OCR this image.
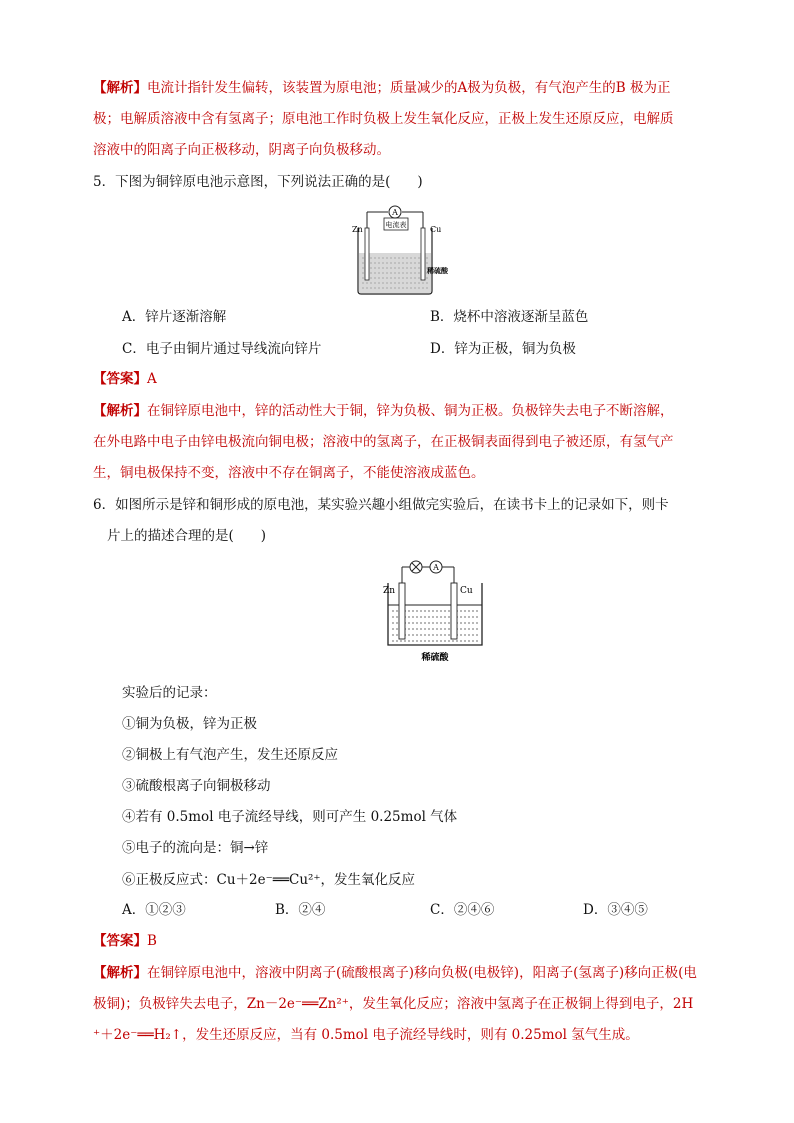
【解析】电流计指针发生偏转，该装置为原电池；质量减少的A极为负极，有气泡产生的B 极为正
极；电解质溶液中含有氢离子；原电池工作时负极上发生氧化反应，正极上发生还原反应，电解质
溶液中的阳离子向正极移动，阴离子向负极移动。
5．下图为铜锌原电池示意图，下列说法正确的是(　　)
电流表
A
Zn	Cu
稀硫酸
A．锌片逐渐溶解	B．烧杯中溶液逐渐呈蓝色
C．电子由铜片通过导线流向锌片	D．锌为正极，铜为负极
【答案】A
【解析】在铜锌原电池中，锌的活动性大于铜，锌为负极、铜为正极。负极锌失去电子不断溶解，
在外电路中电子由锌电极流向铜电极；溶液中的氢离子，在正极铜表面得到电子被还原，有氢气产
生，铜电极保持不变，溶液中不存在铜离子，不能使溶液成蓝色。
6．如图所示是锌和铜形成的原电池，某实验兴趣小组做完实验后，在读书卡上的记录如下，则卡
片上的描述合理的是(　　)
A
Zn	Cu
稀硫酸
实验后的记录：
①铜为负极，锌为正极
②铜极上有气泡产生，发生还原反应
③硫酸根离子向铜极移动
④若有 0.5mol 电子流经导线，则可产生 0.25mol 气体
⑤电子的流向是：铜→锌
⑥正极反应式：Cu＋2e⁻══Cu²⁺，发生氧化反应
A．①②③	B．②④	C．②④⑥	D．③④⑤
【答案】B
【解析】在铜锌原电池中，溶液中阴离子(硫酸根离子)移向负极(电极锌)，阳离子(氢离子)移向正极(电
极铜)；负极锌失去电子，Zn－2e⁻══Zn²⁺，发生氧化反应；溶液中氢离子在正极铜上得到电子，2H
⁺＋2e⁻══H₂↑，发生还原反应，当有 0.5mol 电子流经导线时，则有 0.25mol 氢气生成。
